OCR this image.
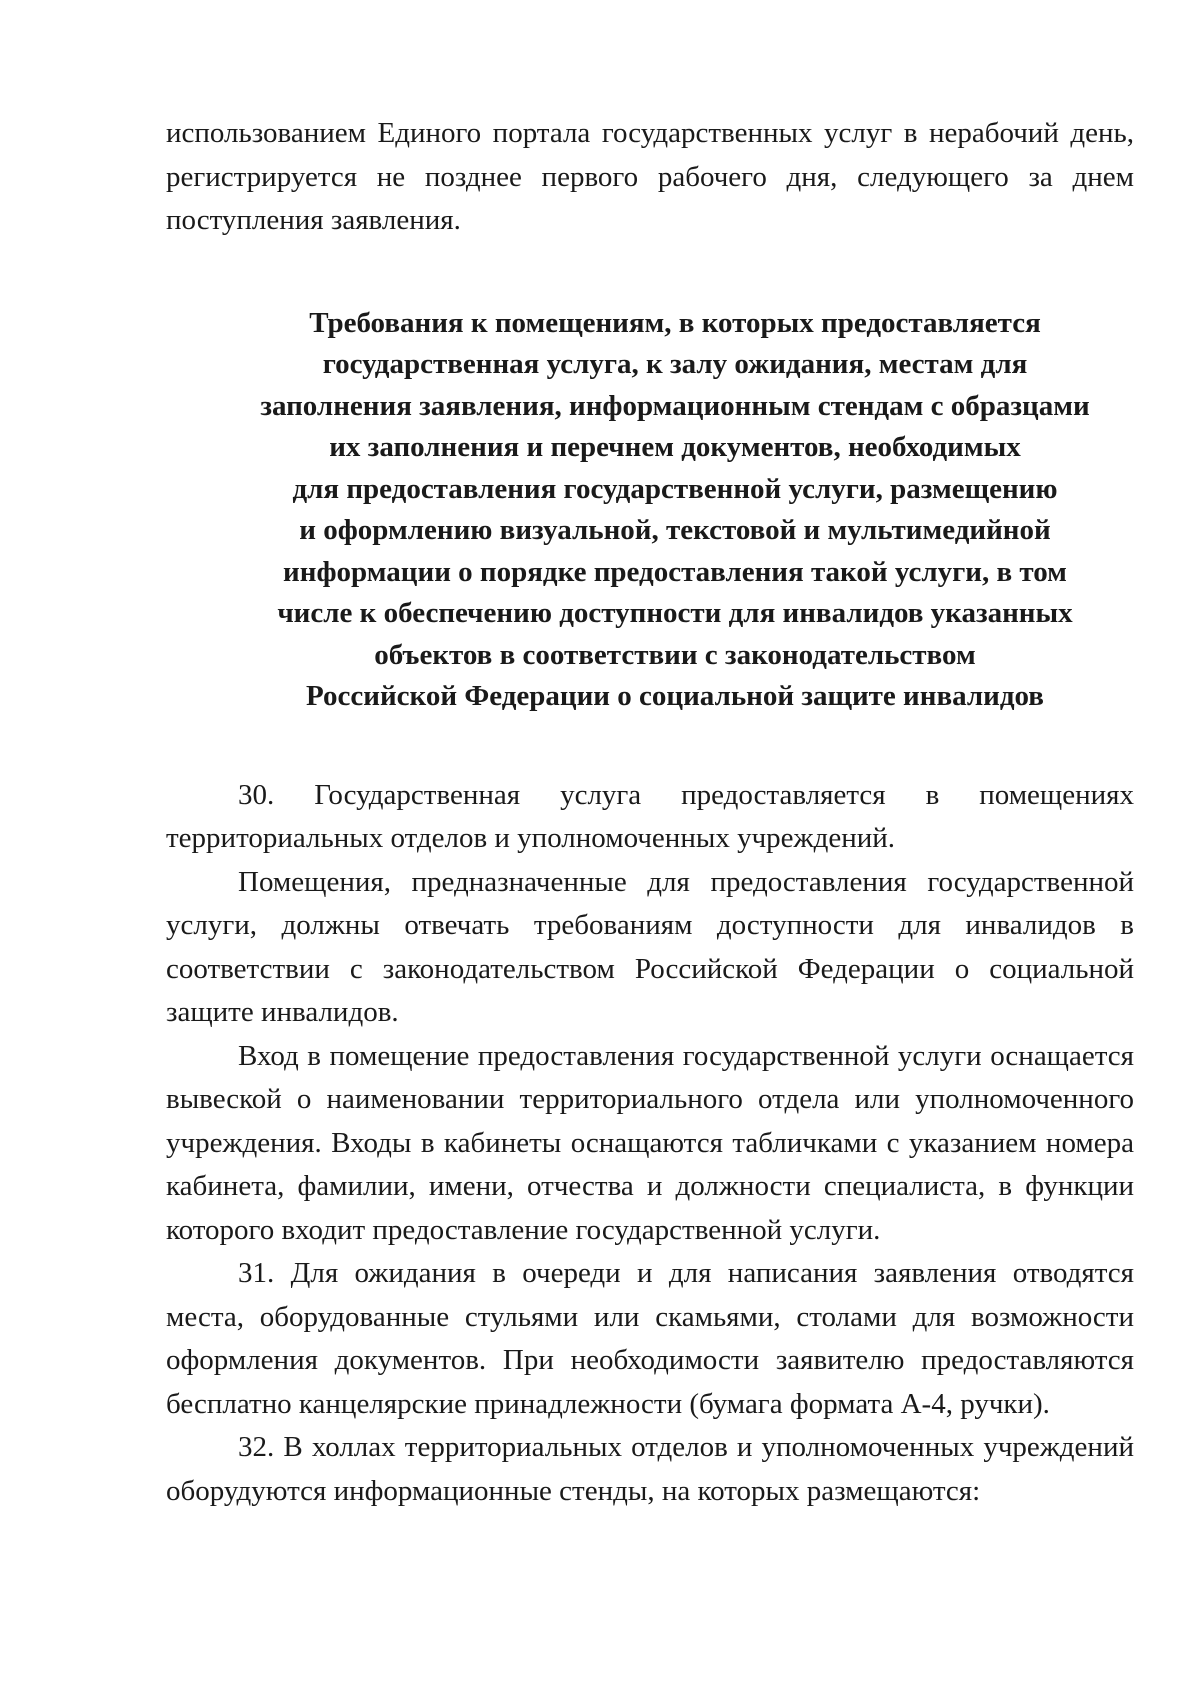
использованием Единого портала государственных услуг в нерабочий день, регистрируется не позднее первого рабочего дня, следующего за днем поступления заявления.

Требования к помещениям, в которых предоставляется
государственная услуга, к залу ожидания, местам для
заполнения заявления, информационным стендам с образцами
их заполнения и перечнем документов, необходимых
для предоставления государственной услуги, размещению
и оформлению визуальной, текстовой и мультимедийной
информации о порядке предоставления такой услуги, в том
числе к обеспечению доступности для инвалидов указанных
объектов в соответствии с законодательством
Российской Федерации о социальной защите инвалидов

30. Государственная услуга предоставляется в помещениях территориальных отделов и уполномоченных учреждений.

Помещения, предназначенные для предоставления государственной услуги, должны отвечать требованиям доступности для инвалидов в соответствии с законодательством Российской Федерации о социальной защите инвалидов.

Вход в помещение предоставления государственной услуги оснащается вывеской о наименовании территориального отдела или уполномоченного учреждения. Входы в кабинеты оснащаются табличками с указанием номера кабинета, фамилии, имени, отчества и должности специалиста, в функции которого входит предоставление государственной услуги.

31. Для ожидания в очереди и для написания заявления отводятся места, оборудованные стульями или скамьями, столами для возможности оформления документов. При необходимости заявителю предоставляются бесплатно канцелярские принадлежности (бумага формата А-4, ручки).

32. В холлах территориальных отделов и уполномоченных учреждений оборудуются информационные стенды, на которых размещаются:
